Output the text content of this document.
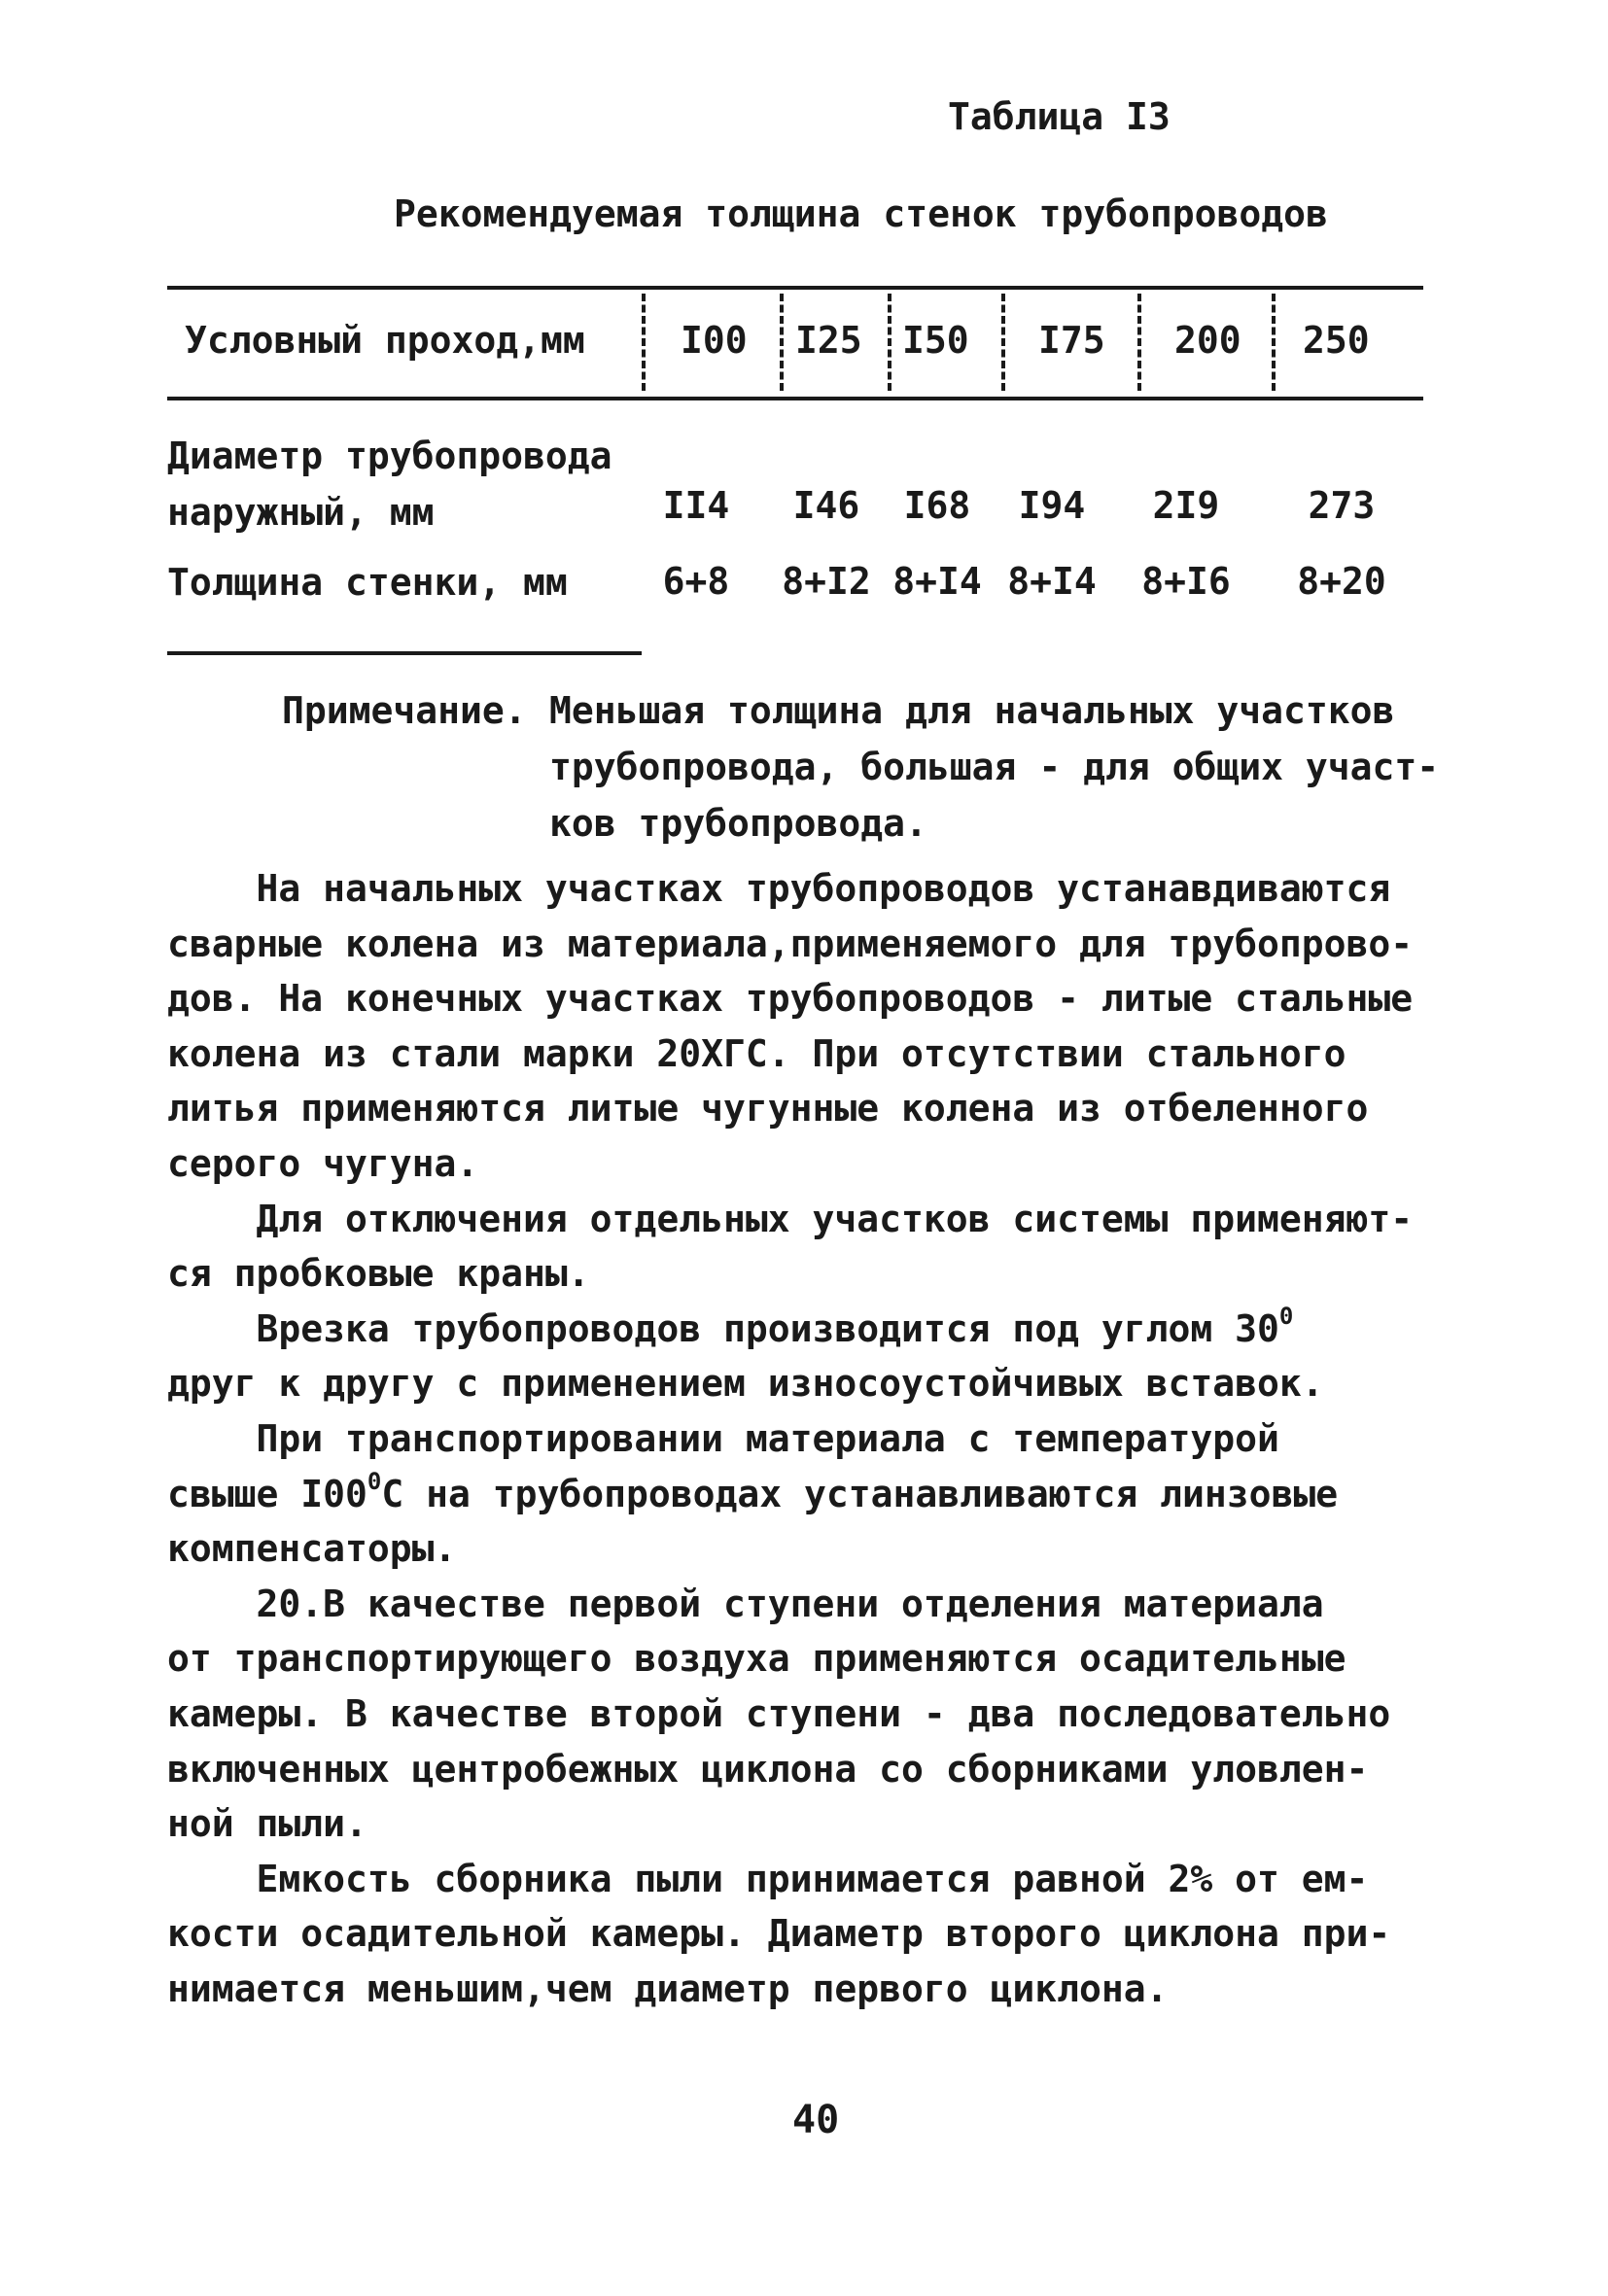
Таблица I3
Рекомендуемая толщина стенок трубопроводов
Условный проход,мм	I00 I25 I50 I75 200 250
Диаметр трубопровода
наружный, мм	II4	I46	I68	I94	2I9	273
Толщина стенки, мм	6+8	8+I2 8+I4 8+I4	8+I6	8+20
Примечание. Меньшая толщина для начальных участков
трубопровода, большая - для общих участ-
ков трубопровода.
На начальных участках трубопроводов устанавдиваются
сварные колена из материала,применяемого для трубопрово-
дов. На конечных участках трубопроводов - литые стальные
колена из стали марки 20ХГС. При отсутствии стального
литья применяются литые чугунные колена из отбеленного
серого чугуна.
Для отключения отдельных участков системы применяют-
ся пробковые краны.
Врезка трубопроводов производится под углом $30^0$
друг к другу с применением износоустойчивых вставок.
При транспортировании материала с температурой
свыше $I00^0С$ на трубопроводах устанавливаются линзовые
компенсаторы.
20.В качестве первой ступени отделения материала
от транспортирующего воздуха применяются осадительные
камеры. В качестве второй ступени - два последовательно
включенных центробежных циклона со сборниками уловлен-
ной пыли.
Емкость сборника пыли принимается равной 2% от ем-
кости осадительной камеры. Диаметр второго циклона при-
нимается меньшим,чем диаметр первого циклона.
40
